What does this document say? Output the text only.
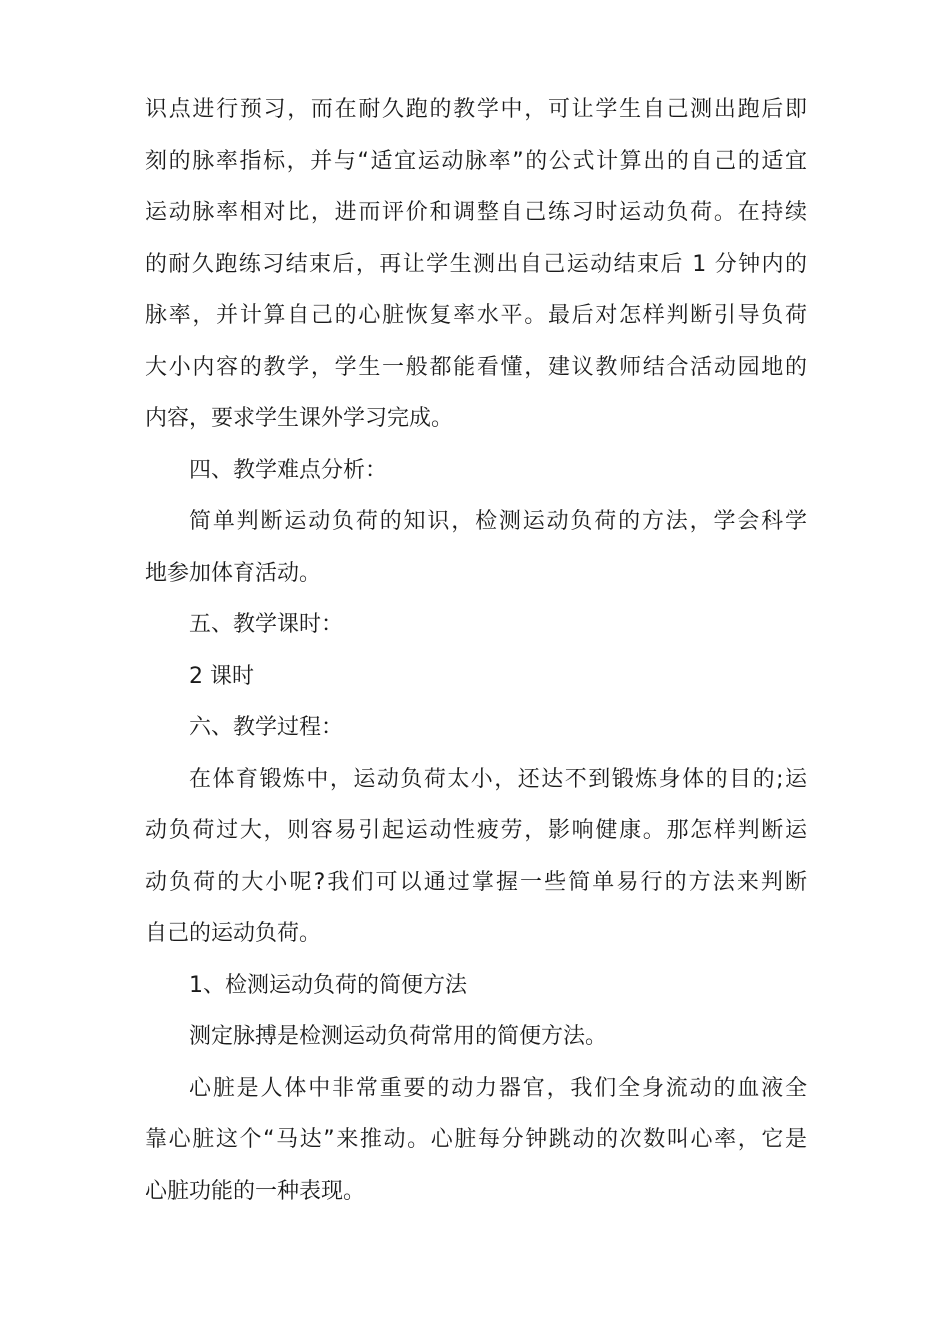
识点进行预习，而在耐久跑的教学中，可让学生自己测出跑后即
刻的脉率指标，并与“适宜运动脉率”的公式计算出的自己的适宜
运动脉率相对比，进而评价和调整自己练习时运动负荷。在持续
的耐久跑练习结束后，再让学生测出自己运动结束后 1 分钟内的
脉率，并计算自己的心脏恢复率水平。最后对怎样判断引导负荷
大小内容的教学，学生一般都能看懂，建议教师结合活动园地的
内容，要求学生课外学习完成。
四、教学难点分析：
简单判断运动负荷的知识，检测运动负荷的方法，学会科学
地参加体育活动。
五、教学课时：
2 课时
六、教学过程：
在体育锻炼中，运动负荷太小，还达不到锻炼身体的目的;运
动负荷过大，则容易引起运动性疲劳，影响健康。那怎样判断运
动负荷的大小呢?我们可以通过掌握一些简单易行的方法来判断
自己的运动负荷。
1、检测运动负荷的简便方法
测定脉搏是检测运动负荷常用的简便方法。
心脏是人体中非常重要的动力器官，我们全身流动的血液全
靠心脏这个“马达”来推动。心脏每分钟跳动的次数叫心率，它是
心脏功能的一种表现。
